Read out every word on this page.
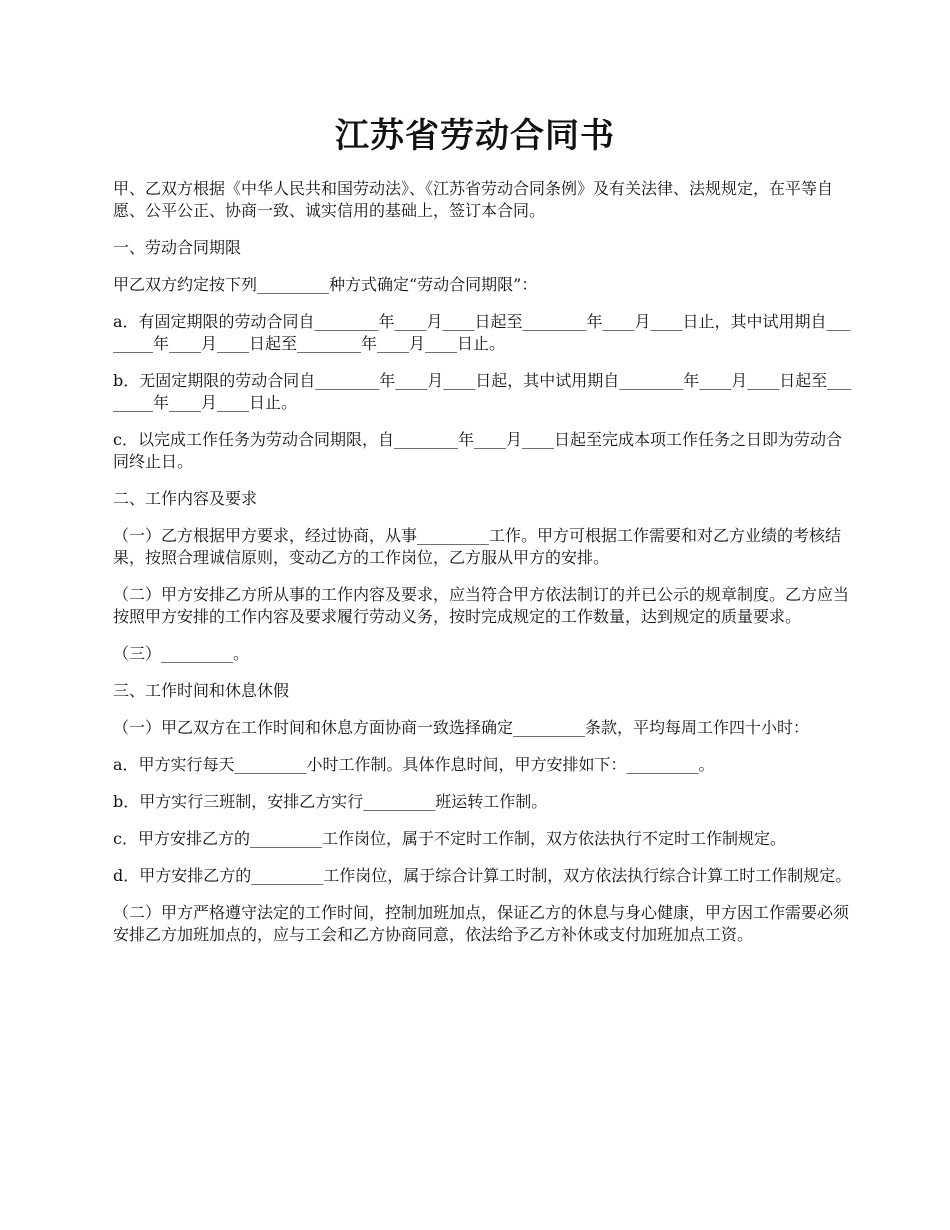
江苏省劳动合同书

甲、乙双方根据《中华人民共和国劳动法》、《江苏省劳动合同条例》及有关法律、法规规定，在平等自愿、公平公正、协商一致、诚实信用的基础上，签订本合同。

一、劳动合同期限

甲乙双方约定按下列_________种方式确定“劳动合同期限”：

a．有固定期限的劳动合同自________年____月____日起至________年____月____日止，其中试用期自________年____月____日起至________年____月____日止。

b．无固定期限的劳动合同自________年____月____日起，其中试用期自________年____月____日起至________年____月____日止。

c．以完成工作任务为劳动合同期限，自________年____月____日起至完成本项工作任务之日即为劳动合同终止日。

二、工作内容及要求

（一）乙方根据甲方要求，经过协商，从事_________工作。甲方可根据工作需要和对乙方业绩的考核结果，按照合理诚信原则，变动乙方的工作岗位，乙方服从甲方的安排。

（二）甲方安排乙方所从事的工作内容及要求，应当符合甲方依法制订的并已公示的规章制度。乙方应当按照甲方安排的工作内容及要求履行劳动义务，按时完成规定的工作数量，达到规定的质量要求。

（三）_________。

三、工作时间和休息休假

（一）甲乙双方在工作时间和休息方面协商一致选择确定_________条款，平均每周工作四十小时：

a．甲方实行每天_________小时工作制。具体作息时间，甲方安排如下：_________。

b．甲方实行三班制，安排乙方实行_________班运转工作制。

c．甲方安排乙方的_________工作岗位，属于不定时工作制，双方依法执行不定时工作制规定。

d．甲方安排乙方的_________工作岗位，属于综合计算工时制，双方依法执行综合计算工时工作制规定。

（二）甲方严格遵守法定的工作时间，控制加班加点，保证乙方的休息与身心健康，甲方因工作需要必须安排乙方加班加点的，应与工会和乙方协商同意，依法给予乙方补休或支付加班加点工资。
